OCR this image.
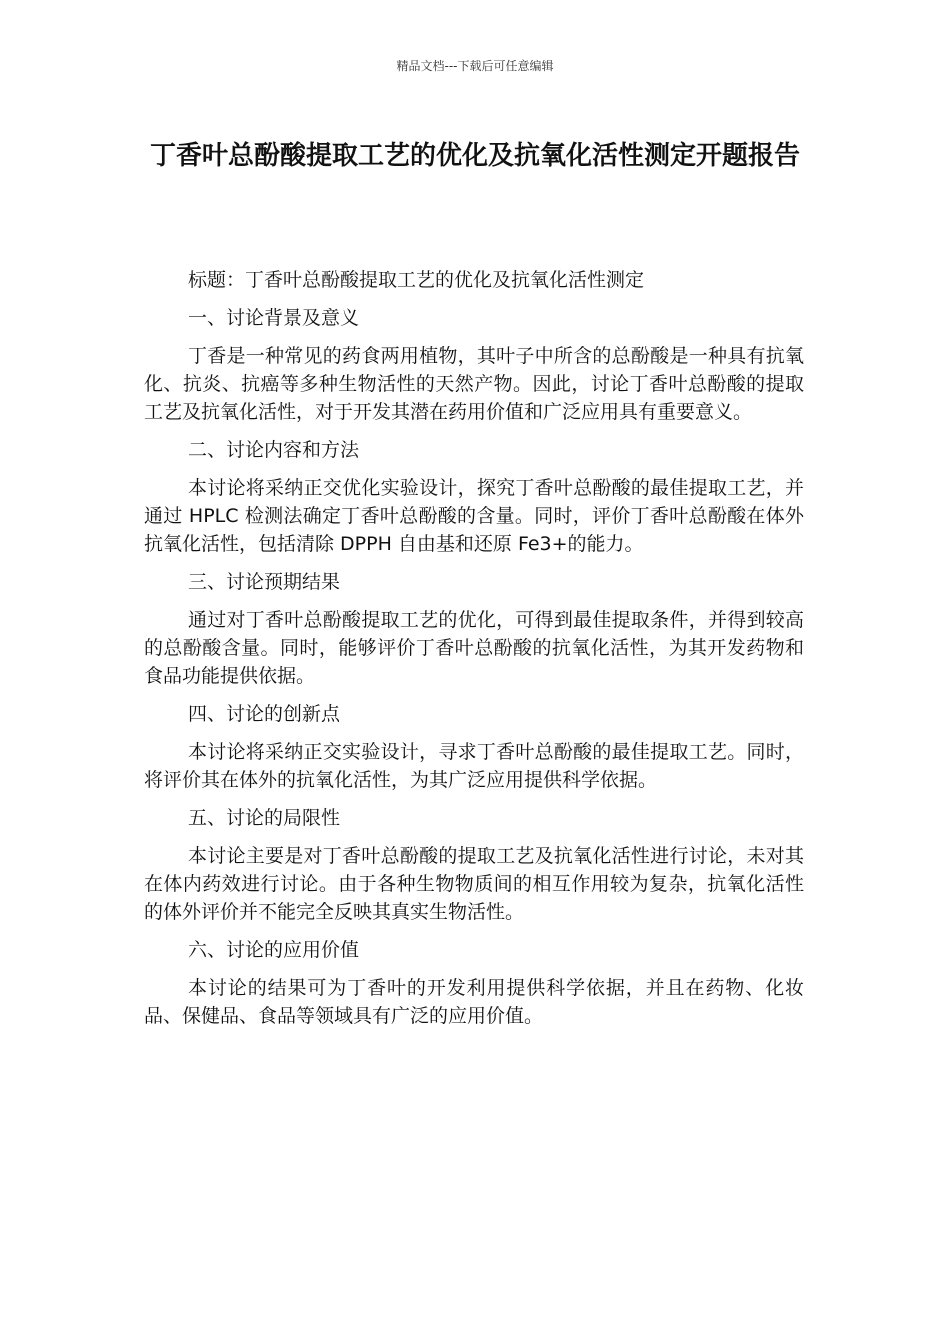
精品文档---下载后可任意编辑
丁香叶总酚酸提取工艺的优化及抗氧化活性测定开题报告

标题：丁香叶总酚酸提取工艺的优化及抗氧化活性测定

一、讨论背景及意义

丁香是一种常见的药食两用植物，其叶子中所含的总酚酸是一种具有抗氧化、抗炎、抗癌等多种生物活性的天然产物。因此，讨论丁香叶总酚酸的提取工艺及抗氧化活性，对于开发其潜在药用价值和广泛应用具有重要意义。

二、讨论内容和方法

本讨论将采纳正交优化实验设计，探究丁香叶总酚酸的最佳提取工艺，并通过 HPLC 检测法确定丁香叶总酚酸的含量。同时，评价丁香叶总酚酸在体外抗氧化活性，包括清除 DPPH 自由基和还原 Fe3+的能力。

三、讨论预期结果

通过对丁香叶总酚酸提取工艺的优化，可得到最佳提取条件，并得到较高的总酚酸含量。同时，能够评价丁香叶总酚酸的抗氧化活性，为其开发药物和食品功能提供依据。

四、讨论的创新点

本讨论将采纳正交实验设计，寻求丁香叶总酚酸的最佳提取工艺。同时，将评价其在体外的抗氧化活性，为其广泛应用提供科学依据。

五、讨论的局限性

本讨论主要是对丁香叶总酚酸的提取工艺及抗氧化活性进行讨论，未对其在体内药效进行讨论。由于各种生物物质间的相互作用较为复杂，抗氧化活性的体外评价并不能完全反映其真实生物活性。

六、讨论的应用价值

本讨论的结果可为丁香叶的开发利用提供科学依据，并且在药物、化妆品、保健品、食品等领域具有广泛的应用价值。
